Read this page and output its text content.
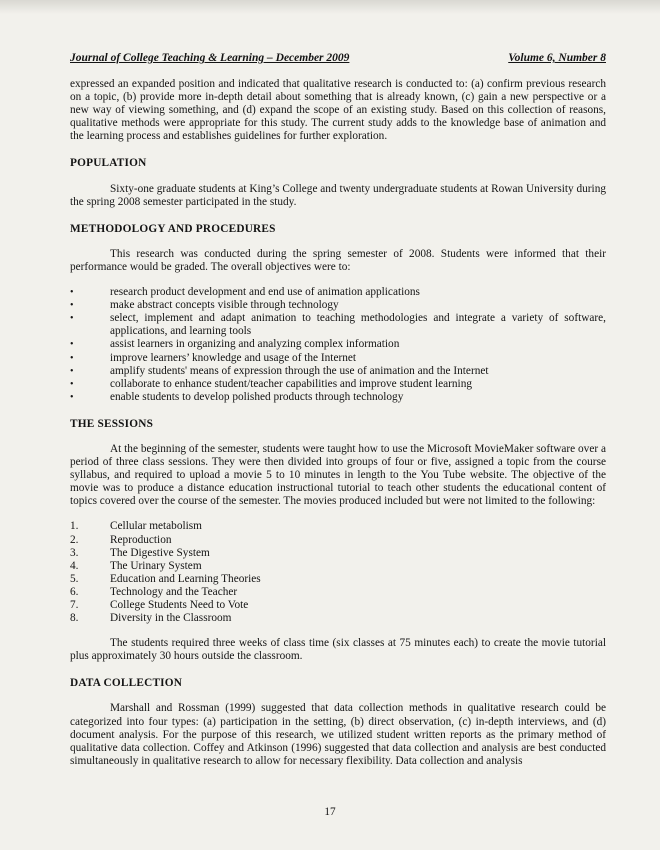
Journal of College Teaching & Learning – December 2009	Volume 6, Number 8

expressed an expanded position and indicated that qualitative research is conducted to: (a) confirm previous research on a topic, (b) provide more in-depth detail about something that is already known, (c) gain a new perspective or a new way of viewing something, and (d) expand the scope of an existing study. Based on this collection of reasons, qualitative methods were appropriate for this study. The current study adds to the knowledge base of animation and the learning process and establishes guidelines for further exploration.

POPULATION

Sixty-one graduate students at King’s College and twenty undergraduate students at Rowan University during the spring 2008 semester participated in the study.

METHODOLOGY AND PROCEDURES

This research was conducted during the spring semester of 2008. Students were informed that their performance would be graded. The overall objectives were to:

•	research product development and end use of animation applications
•	make abstract concepts visible through technology
•	select, implement and adapt animation to teaching methodologies and integrate a variety of software, applications, and learning tools
•	assist learners in organizing and analyzing complex information
•	improve learners’ knowledge and usage of the Internet
•	amplify students' means of expression through the use of animation and the Internet
•	collaborate to enhance student/teacher capabilities and improve student learning
•	enable students to develop polished products through technology
THE SESSIONS

At the beginning of the semester, students were taught how to use the Microsoft MovieMaker software over a period of three class sessions. They were then divided into groups of four or five, assigned a topic from the course syllabus, and required to upload a movie 5 to 10 minutes in length to the You Tube website. The objective of the movie was to produce a distance education instructional tutorial to teach other students the educational content of topics covered over the course of the semester. The movies produced included but were not limited to the following:

1.	Cellular metabolism
2.	Reproduction
3.	The Digestive System
4.	The Urinary System
5.	Education and Learning Theories
6.	Technology and the Teacher
7.	College Students Need to Vote
8.	Diversity in the Classroom

The students required three weeks of class time (six classes at 75 minutes each) to create the movie tutorial plus approximately 30 hours outside the classroom.

DATA COLLECTION

Marshall and Rossman (1999) suggested that data collection methods in qualitative research could be categorized into four types: (a) participation in the setting, (b) direct observation, (c) in-depth interviews, and (d) document analysis. For the purpose of this research, we utilized student written reports as the primary method of qualitative data collection. Coffey and Atkinson (1996) suggested that data collection and analysis are best conducted simultaneously in qualitative research to allow for necessary flexibility. Data collection and analysis

17
